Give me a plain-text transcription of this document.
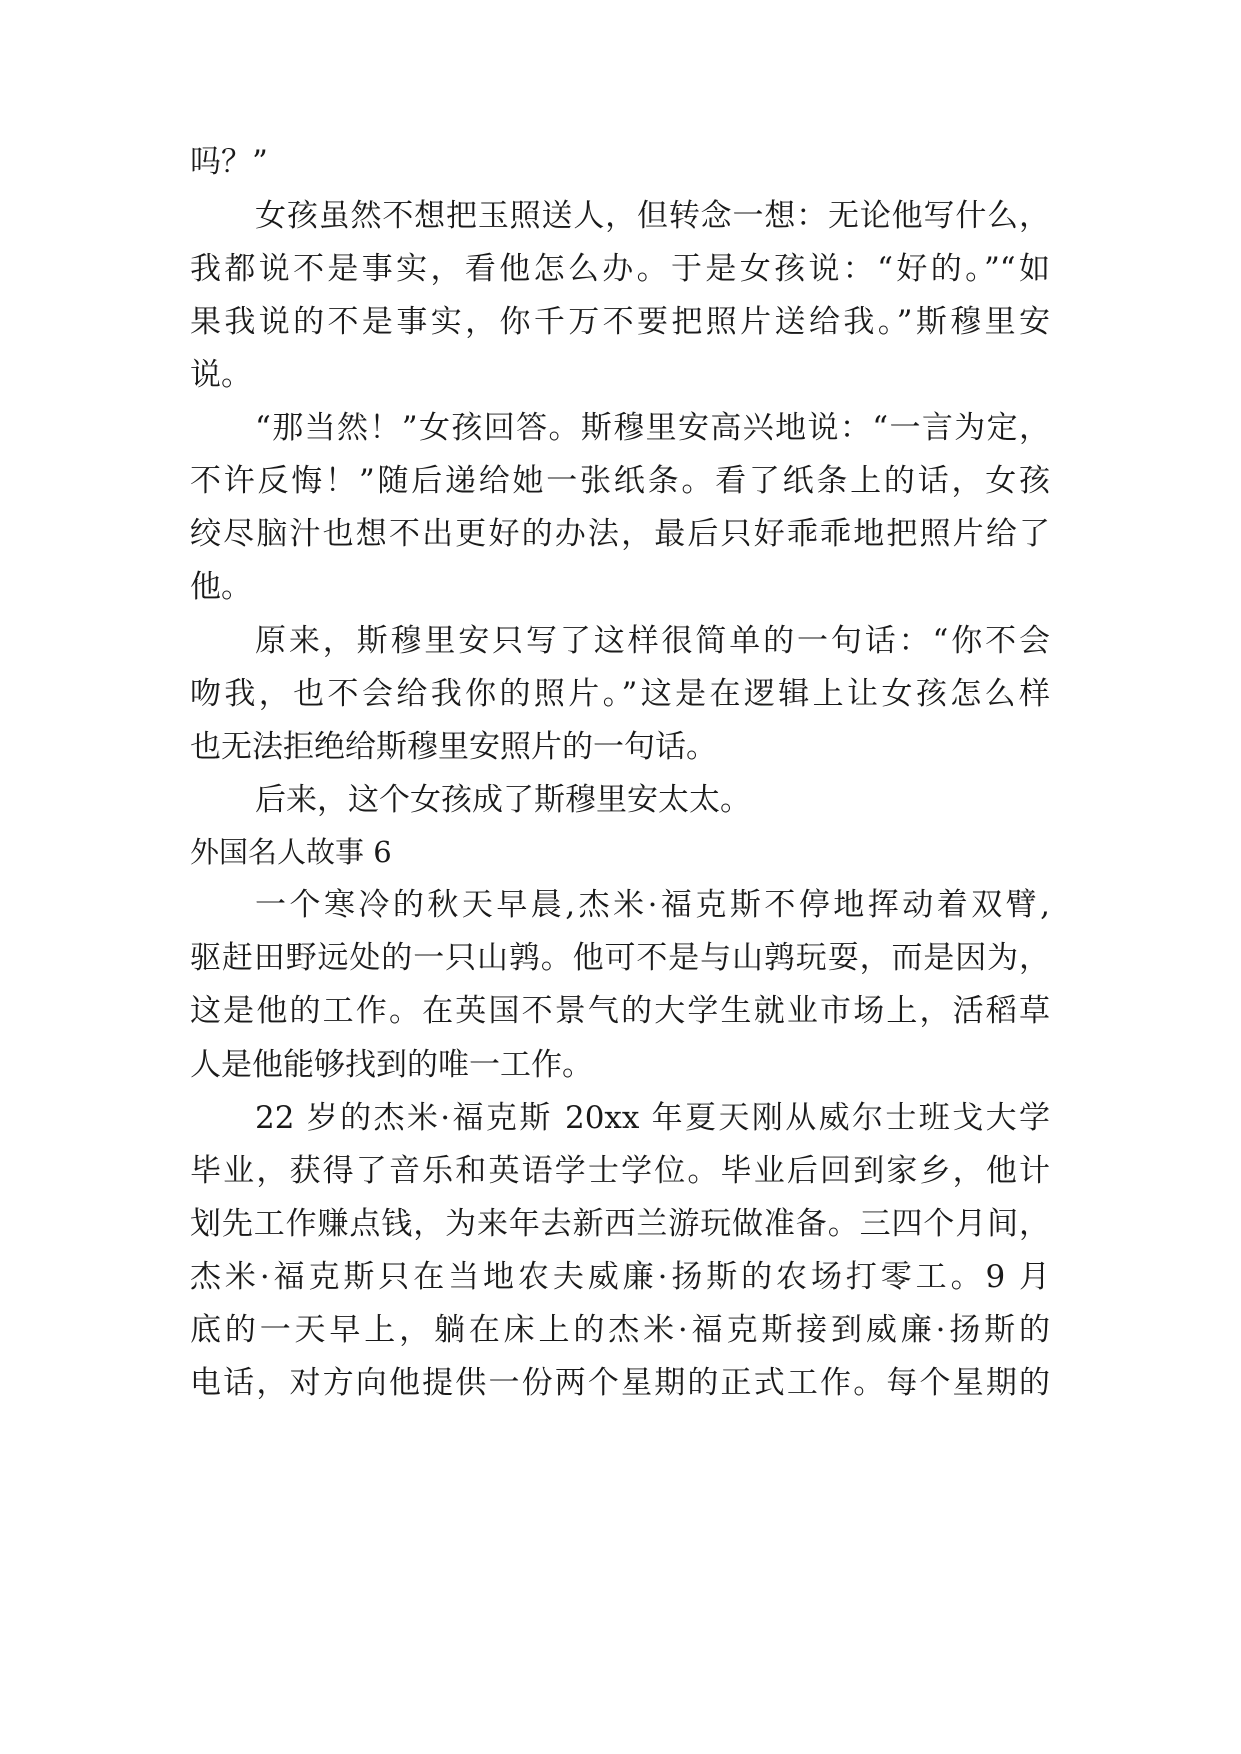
吗？”
女孩虽然不想把玉照送人，但转念一想：无论他写什么，
我都说不是事实，看他怎么办。于是女孩说：“好的。”“如
果我说的不是事实，你千万不要把照片送给我。”斯穆里安
说。
“那当然！”女孩回答。斯穆里安高兴地说：“一言为定，
不许反悔！”随后递给她一张纸条。看了纸条上的话，女孩
绞尽脑汁也想不出更好的办法，最后只好乖乖地把照片给了
他。
原来，斯穆里安只写了这样很简单的一句话：“你不会
吻我，也不会给我你的照片。”这是在逻辑上让女孩怎么样
也无法拒绝给斯穆里安照片的一句话。
后来，这个女孩成了斯穆里安太太。
外国名人故事 6
一个寒冷的秋天早晨,杰米·福克斯不停地挥动着双臂,
驱赶田野远处的一只山鹑。他可不是与山鹑玩耍，而是因为，
这是他的工作。在英国不景气的大学生就业市场上，活稻草
人是他能够找到的唯一工作。
22 岁的杰米·福克斯 20xx 年夏天刚从威尔士班戈大学
毕业，获得了音乐和英语学士学位。毕业后回到家乡，他计
划先工作赚点钱，为来年去新西兰游玩做准备。三四个月间，
杰米·福克斯只在当地农夫威廉·扬斯的农场打零工。9 月
底的一天早上，躺在床上的杰米·福克斯接到威廉·扬斯的
电话，对方向他提供一份两个星期的正式工作。每个星期的
